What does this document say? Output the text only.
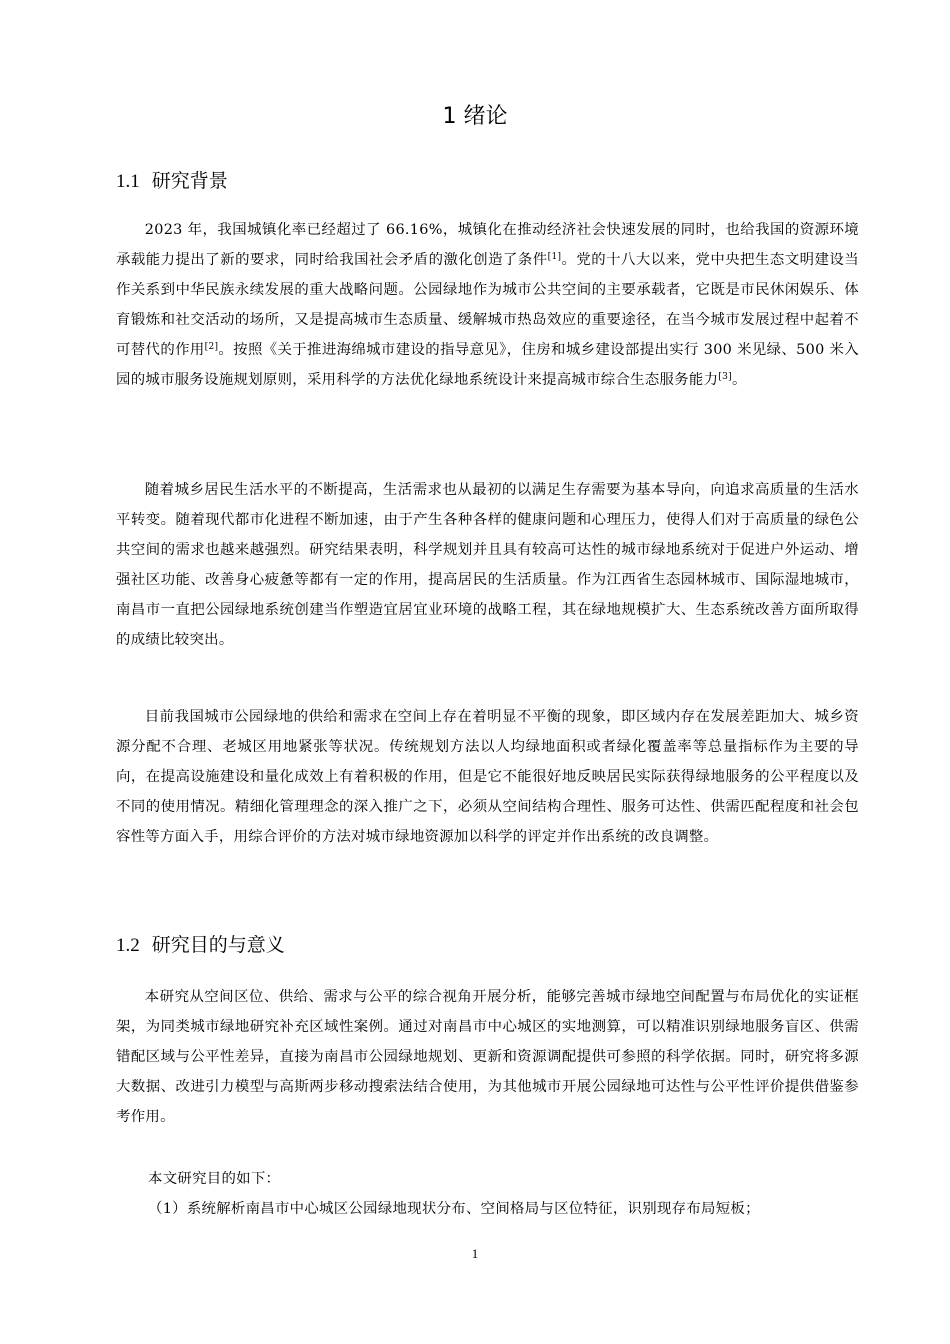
1 绪论
1.1 研究背景
2023 年，我国城镇化率已经超过了 66.16%，城镇化在推动经济社会快速发展的同时，也给我国的资源环境承载能力提出了新的要求，同时给我国社会矛盾的激化创造了条件[1]。党的十八大以来，党中央把生态文明建设当作关系到中华民族永续发展的重大战略问题。公园绿地作为城市公共空间的主要承载者，它既是市民休闲娱乐、体育锻炼和社交活动的场所，又是提高城市生态质量、缓解城市热岛效应的重要途径，在当今城市发展过程中起着不可替代的作用[2]。按照《关于推进海绵城市建设的指导意见》，住房和城乡建设部提出实行 300 米见绿、500 米入园的城市服务设施规划原则，采用科学的方法优化绿地系统设计来提高城市综合生态服务能力[3]。
随着城乡居民生活水平的不断提高，生活需求也从最初的以满足生存需要为基本导向，向追求高质量的生活水平转变。随着现代都市化进程不断加速，由于产生各种各样的健康问题和心理压力，使得人们对于高质量的绿色公共空间的需求也越来越强烈。研究结果表明，科学规划并且具有较高可达性的城市绿地系统对于促进户外运动、增强社区功能、改善身心疲惫等都有一定的作用，提高居民的生活质量。作为江西省生态园林城市、国际湿地城市，南昌市一直把公园绿地系统创建当作塑造宜居宜业环境的战略工程，其在绿地规模扩大、生态系统改善方面所取得的成绩比较突出。
目前我国城市公园绿地的供给和需求在空间上存在着明显不平衡的现象，即区域内存在发展差距加大、城乡资源分配不合理、老城区用地紧张等状况。传统规划方法以人均绿地面积或者绿化覆盖率等总量指标作为主要的导向，在提高设施建设和量化成效上有着积极的作用，但是它不能很好地反映居民实际获得绿地服务的公平程度以及不同的使用情况。精细化管理理念的深入推广之下，必须从空间结构合理性、服务可达性、供需匹配程度和社会包容性等方面入手，用综合评价的方法对城市绿地资源加以科学的评定并作出系统的改良调整。
1.2 研究目的与意义
本研究从空间区位、供给、需求与公平的综合视角开展分析，能够完善城市绿地空间配置与布局优化的实证框架，为同类城市绿地研究补充区域性案例。通过对南昌市中心城区的实地测算，可以精准识别绿地服务盲区、供需错配区域与公平性差异，直接为南昌市公园绿地规划、更新和资源调配提供可参照的科学依据。同时，研究将多源大数据、改进引力模型与高斯两步移动搜索法结合使用，为其他城市开展公园绿地可达性与公平性评价提供借鉴参考作用。
本文研究目的如下：
（1）系统解析南昌市中心城区公园绿地现状分布、空间格局与区位特征，识别现存布局短板；
1
